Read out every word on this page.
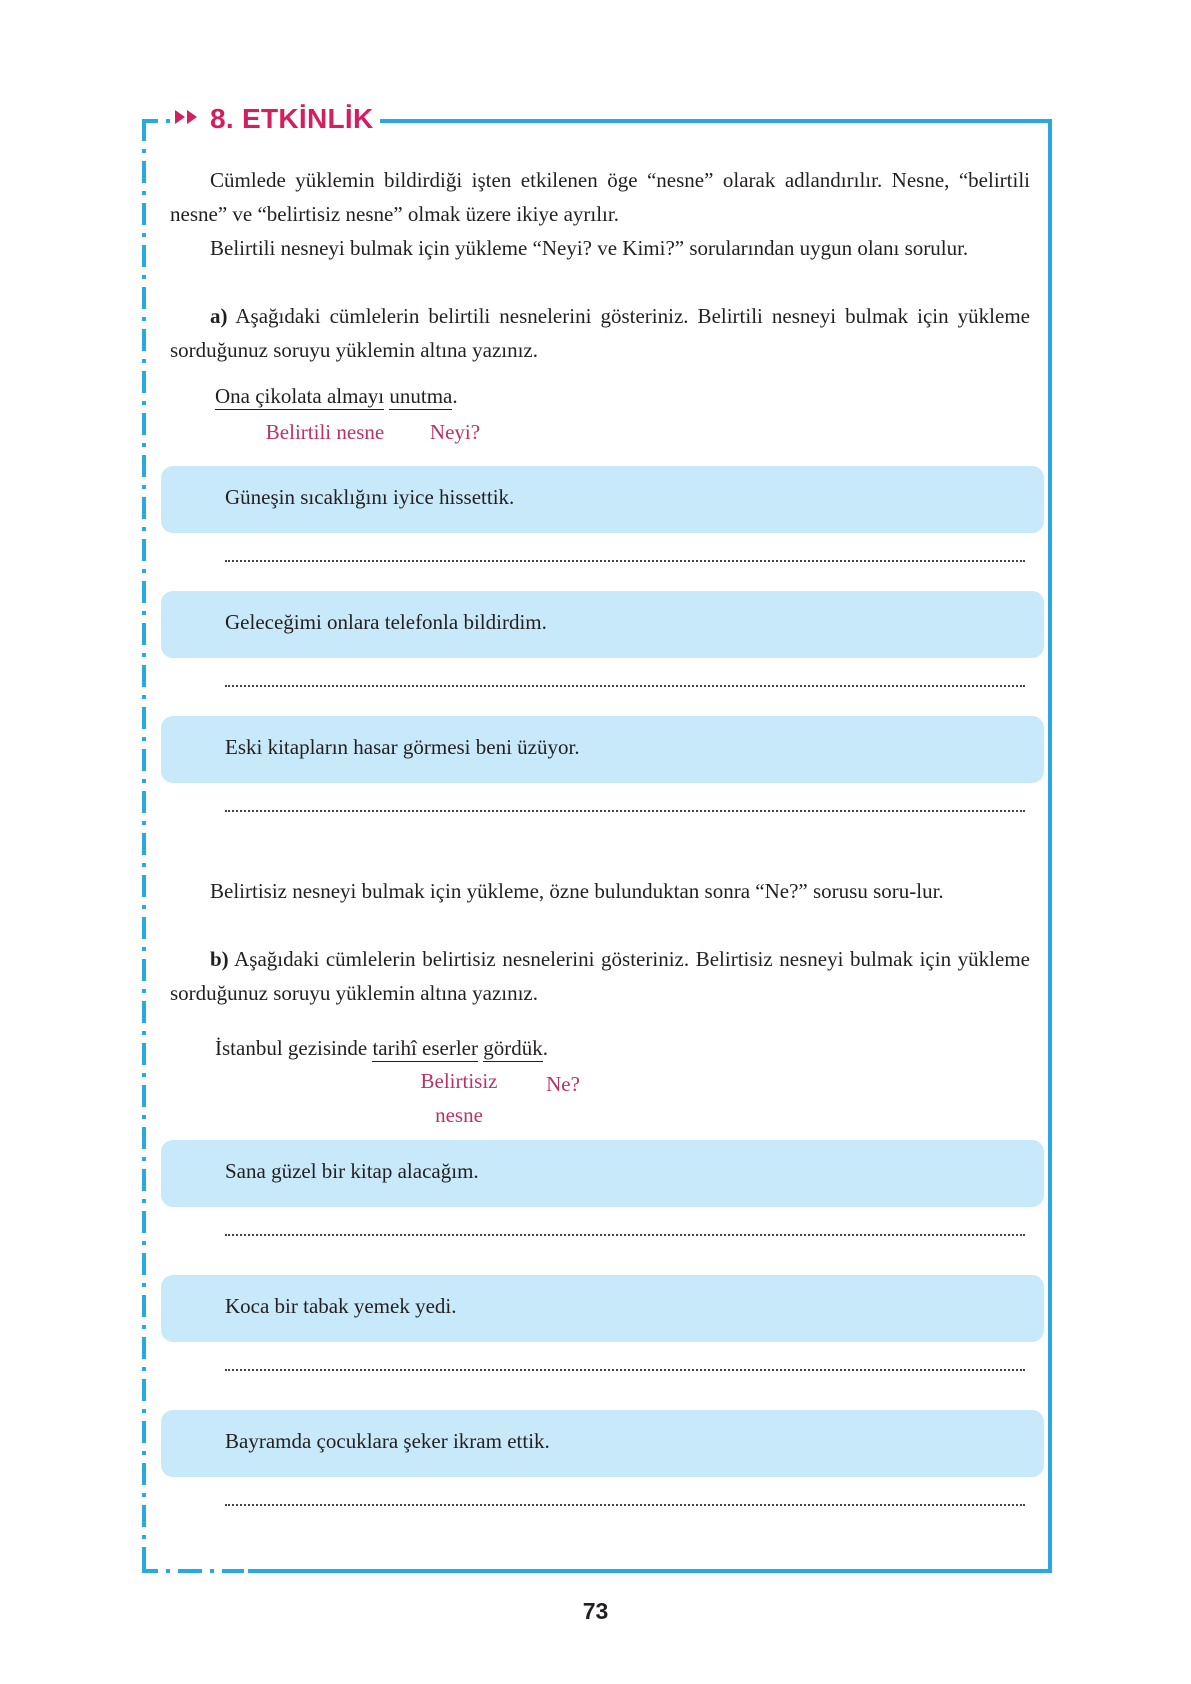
8. ETKİNLİK

Cümlede yüklemin bildirdiği işten etkilenen öge “nesne” olarak adlandırılır. Nesne, “belirtili nesne” ve “belirtisiz nesne” olmak üzere ikiye ayrılır.

Belirtili nesneyi bulmak için yükleme “Neyi? ve Kimi?” sorularından uygun olanı sorulur.

a) Aşağıdaki cümlelerin belirtili nesnelerini gösteriniz. Belirtili nesneyi bulmak için yükleme sorduğunuz soruyu yüklemin altına yazınız.

Ona çikolata almayı unutma.
Belirtili nesne	Neyi?
Güneşin sıcaklığını iyice hissettik.
Geleceğimi onlara telefonla bildirdim.
Eski kitapların hasar görmesi beni üzüyor.

Belirtisiz nesneyi bulmak için yükleme, özne bulunduktan sonra “Ne?” sorusu soru-lur.

b) Aşağıdaki cümlelerin belirtisiz nesnelerini gösteriniz. Belirtisiz nesneyi bulmak için yükleme sorduğunuz soruyu yüklemin altına yazınız.

İstanbul gezisinde tarihî eserler gördük.
Belirtisiz
nesne
Ne?
Sana güzel bir kitap alacağım.
Koca bir tabak yemek yedi.
Bayramda çocuklara şeker ikram ettik.
73
